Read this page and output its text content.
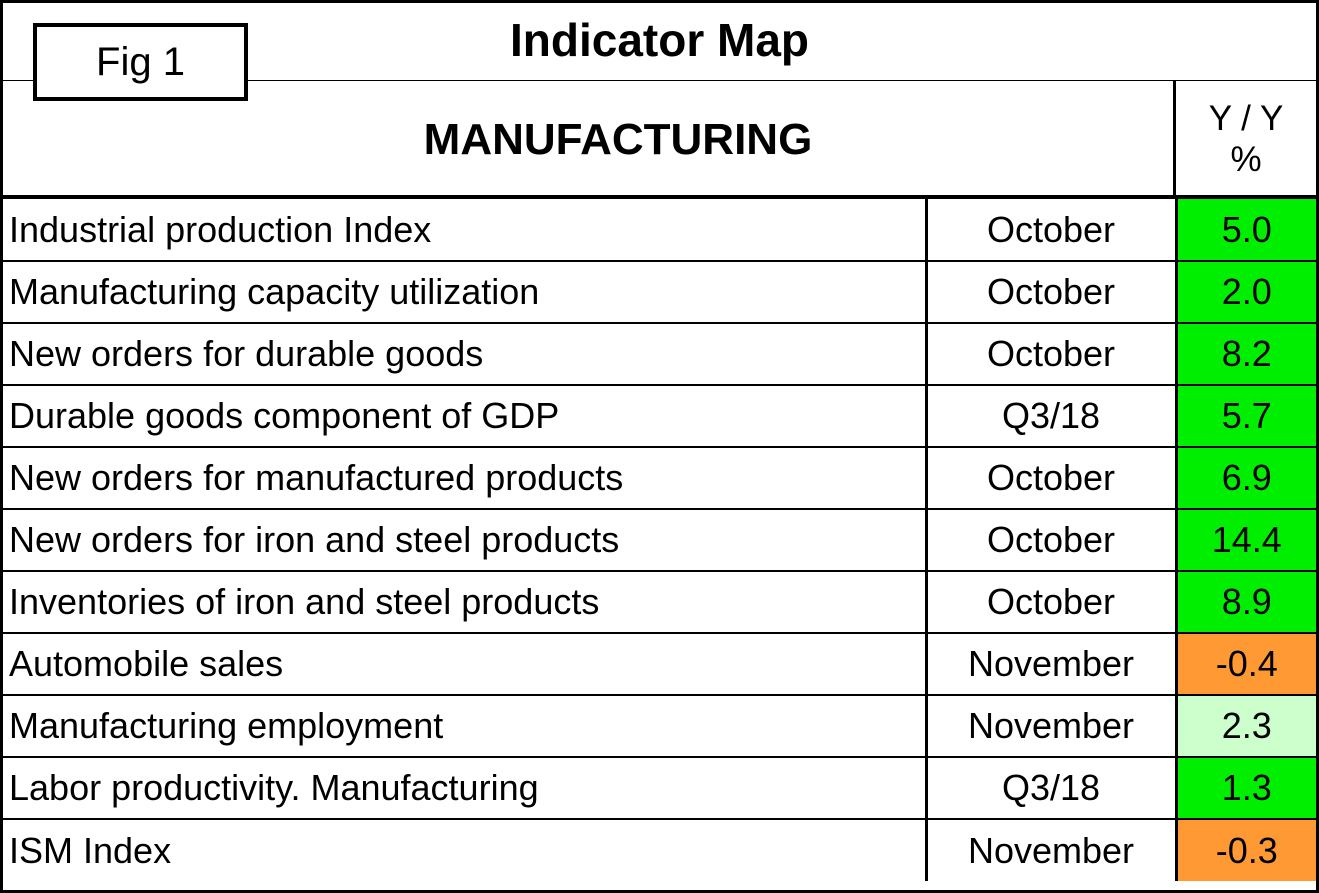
Indicator Map
Fig 1
MANUFACTURING	Y / Y
%
Industrial production Index	October	5.0
Manufacturing capacity utilization	October	2.0
New orders for durable goods	October	8.2
Durable goods component of GDP	Q3/18	5.7
New orders for manufactured products	October	6.9
New orders for iron and steel products	October	14.4
Inventories of iron and steel products	October	8.9
Automobile sales	November	-0.4
Manufacturing employment	November	2.3
Labor productivity. Manufacturing	Q3/18	1.3
ISM Index	November	-0.3
